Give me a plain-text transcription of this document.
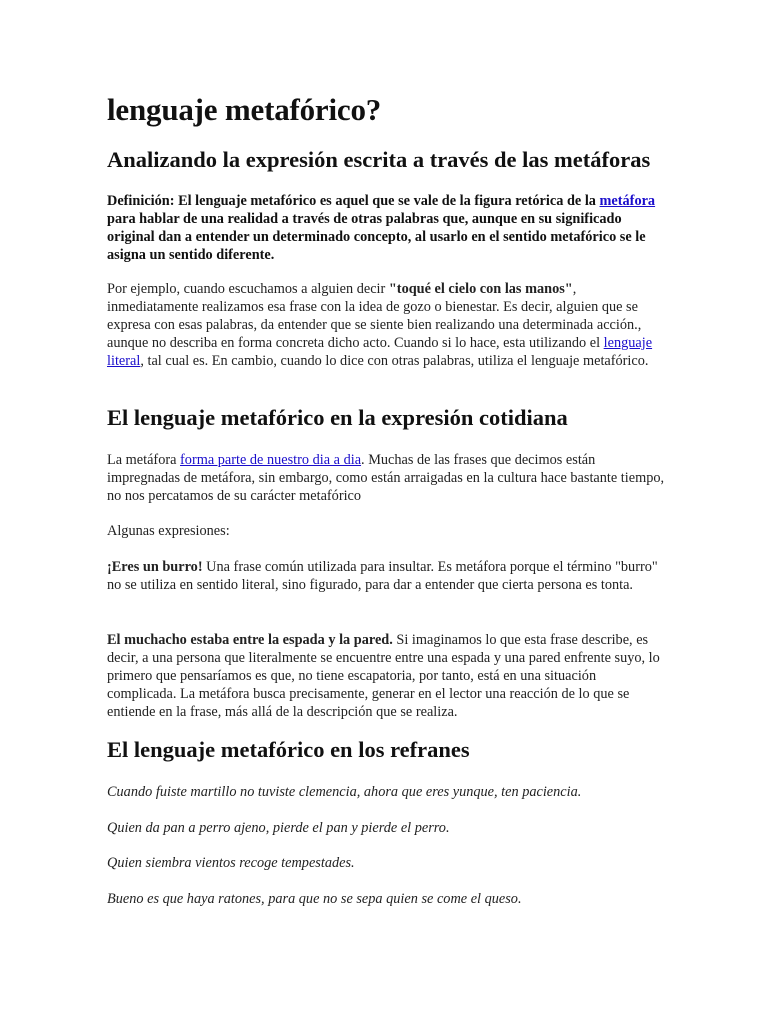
lenguaje metafórico?
Analizando la expresión escrita a través de las metáforas

Definición: El lenguaje metafórico es aquel que se vale de la figura retórica de la metáfora para hablar de una realidad a través de otras palabras que, aunque en su significado original dan a entender un determinado concepto, al usarlo en el sentido metafórico se le asigna un sentido diferente.

Por ejemplo, cuando escuchamos a alguien decir "toqué el cielo con las manos", inmediatamente realizamos esa frase con la idea de gozo o bienestar. Es decir, alguien que se expresa con esas palabras, da entender que se siente bien realizando una determinada acción., aunque no describa en forma concreta dicho acto. Cuando si lo hace, esta utilizando el lenguaje literal, tal cual es. En cambio, cuando lo dice con otras palabras, utiliza el lenguaje metafórico.

El lenguaje metafórico en la expresión cotidiana

La metáfora forma parte de nuestro dia a dia. Muchas de las frases que decimos están impregnadas de metáfora, sin embargo, como están arraigadas en la cultura hace bastante tiempo, no nos percatamos de su carácter metafórico

Algunas expresiones:

¡Eres un burro! Una frase común utilizada para insultar. Es metáfora porque el término "burro" no se utiliza en sentido literal, sino figurado, para dar a entender que cierta persona es tonta.

El muchacho estaba entre la espada y la pared. Si imaginamos lo que esta frase describe, es decir, a una persona que literalmente se encuentre entre una espada y una pared enfrente suyo, lo primero que pensaríamos es que, no tiene escapatoria, por tanto, está en una situación complicada. La metáfora busca precisamente, generar en el lector una reacción de lo que se entiende en la frase, más allá de la descripción que se realiza.

El lenguaje metafórico en los refranes

Cuando fuiste martillo no tuviste clemencia, ahora que eres yunque, ten paciencia.

Quien da pan a perro ajeno, pierde el pan y pierde el perro.

Quien siembra vientos recoge tempestades.

Bueno es que haya ratones, para que no se sepa quien se come el queso.
